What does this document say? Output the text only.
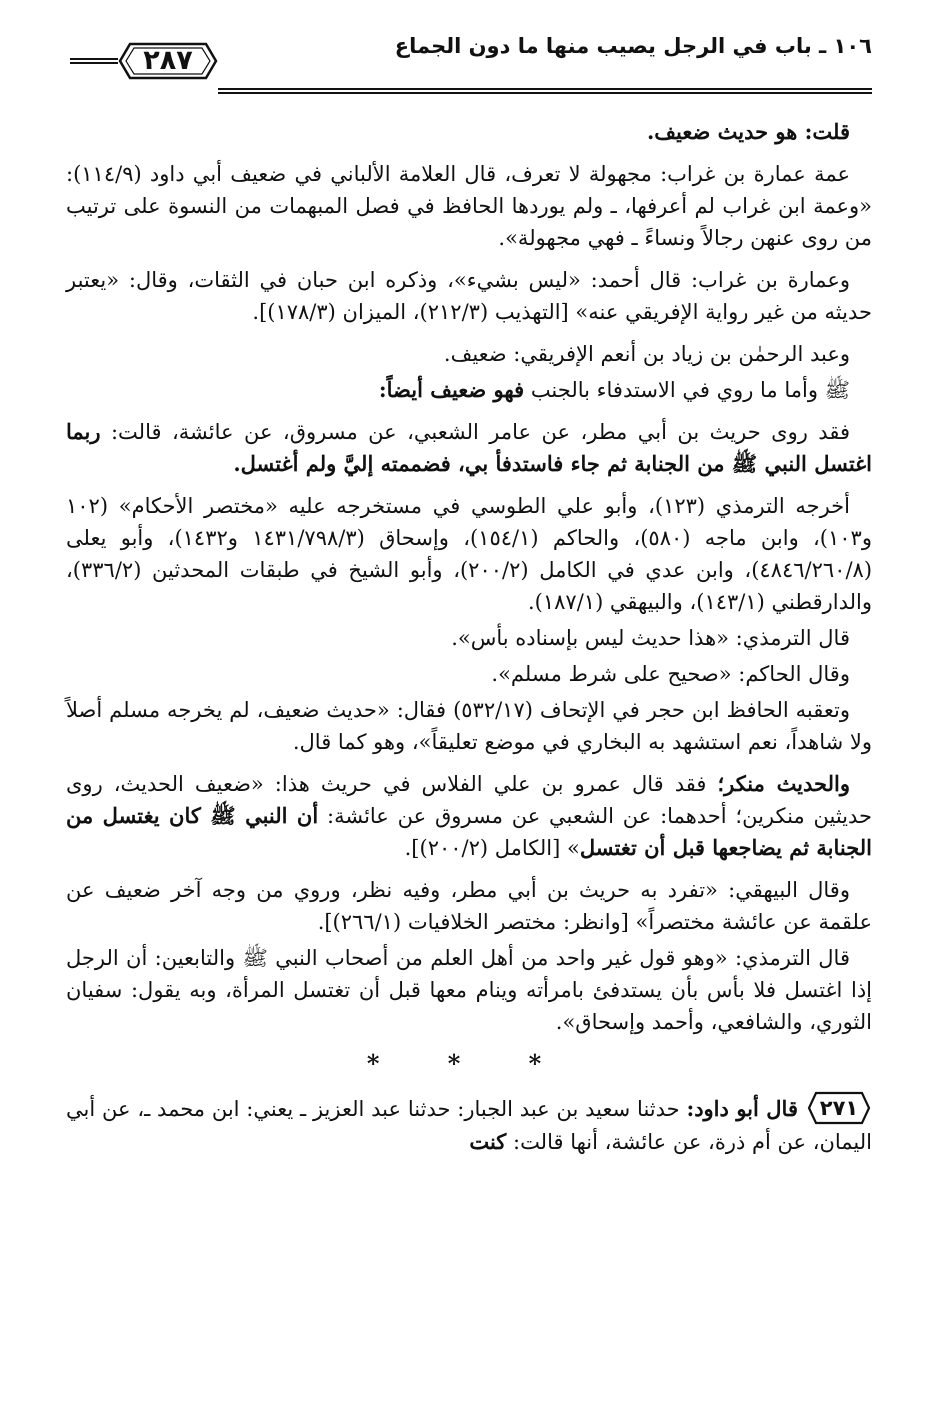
١٠٦ ـ باب في الرجل يصيب منها ما دون الجماع
٢٨٧

قلت: هو حديث ضعيف.

عمة عمارة بن غراب: مجهولة لا تعرف، قال العلامة الألباني في ضعيف أبي داود (١١٤/٩): «وعمة ابن غراب لم أعرفها، ـ ولم يوردها الحافظ في فصل المبهمات من النسوة على ترتيب من روى عنهن رجالاً ونساءً ـ فهي مجهولة».

وعمارة بن غراب: قال أحمد: «ليس بشيء»، وذكره ابن حبان في الثقات، وقال: «يعتبر حديثه من غير رواية الإفريقي عنه» [التهذيب (٢١٢/٣)، الميزان (١٧٨/٣)].

وعبد الرحمٰن بن زياد بن أنعم الإفريقي: ضعيف.

ﷺ وأما ما روي في الاستدفاء بالجنب فهو ضعيف أيضاً:

فقد روى حريث بن أبي مطر، عن عامر الشعبي، عن مسروق، عن عائشة، قالت: ربما اغتسل النبي ﷺ من الجنابة ثم جاء فاستدفأ بي، فضممته إليَّ ولم أغتسل.

أخرجه الترمذي (١٢٣)، وأبو علي الطوسي في مستخرجه عليه «مختصر الأحكام» (١٠٢ و١٠٣)، وابن ماجه (٥٨٠)، والحاكم (١٥٤/١)، وإسحاق (١٤٣١/٧٩٨/٣ و١٤٣٢)، وأبو يعلى (٤٨٤٦/٢٦٠/٨)، وابن عدي في الكامل (٢٠٠/٢)، وأبو الشيخ في طبقات المحدثين (٣٣٦/٢)، والدارقطني (١٤٣/١)، والبيهقي (١٨٧/١).

قال الترمذي: «هذا حديث ليس بإسناده بأس».

وقال الحاكم: «صحيح على شرط مسلم».

وتعقبه الحافظ ابن حجر في الإتحاف (٥٣٢/١٧) فقال: «حديث ضعيف، لم يخرجه مسلم أصلاً ولا شاهداً، نعم استشهد به البخاري في موضع تعليقاً»، وهو كما قال.

والحديث منكر؛ فقد قال عمرو بن علي الفلاس في حريث هذا: «ضعيف الحديث، روى حديثين منكرين؛ أحدهما: عن الشعبي عن مسروق عن عائشة: أن النبي ﷺ كان يغتسل من الجنابة ثم يضاجعها قبل أن تغتسل» [الكامل (٢٠٠/٢)].

وقال البيهقي: «تفرد به حريث بن أبي مطر، وفيه نظر، وروي من وجه آخر ضعيف عن علقمة عن عائشة مختصراً» [وانظر: مختصر الخلافيات (٢٦٦/١)].

قال الترمذي: «وهو قول غير واحد من أهل العلم من أصحاب النبي ﷺ والتابعين: أن الرجل إذا اغتسل فلا بأس بأن يستدفئ بامرأته وينام معها قبل أن تغتسل المرأة، وبه يقول: سفيان الثوري، والشافعي، وأحمد وإسحاق».

* * *

٢٧١
قال أبو داود: حدثنا سعيد بن عبد الجبار: حدثنا عبد العزيز ـ يعني: ابن محمد ـ، عن أبي اليمان، عن أم ذرة، عن عائشة، أنها قالت: كنت
